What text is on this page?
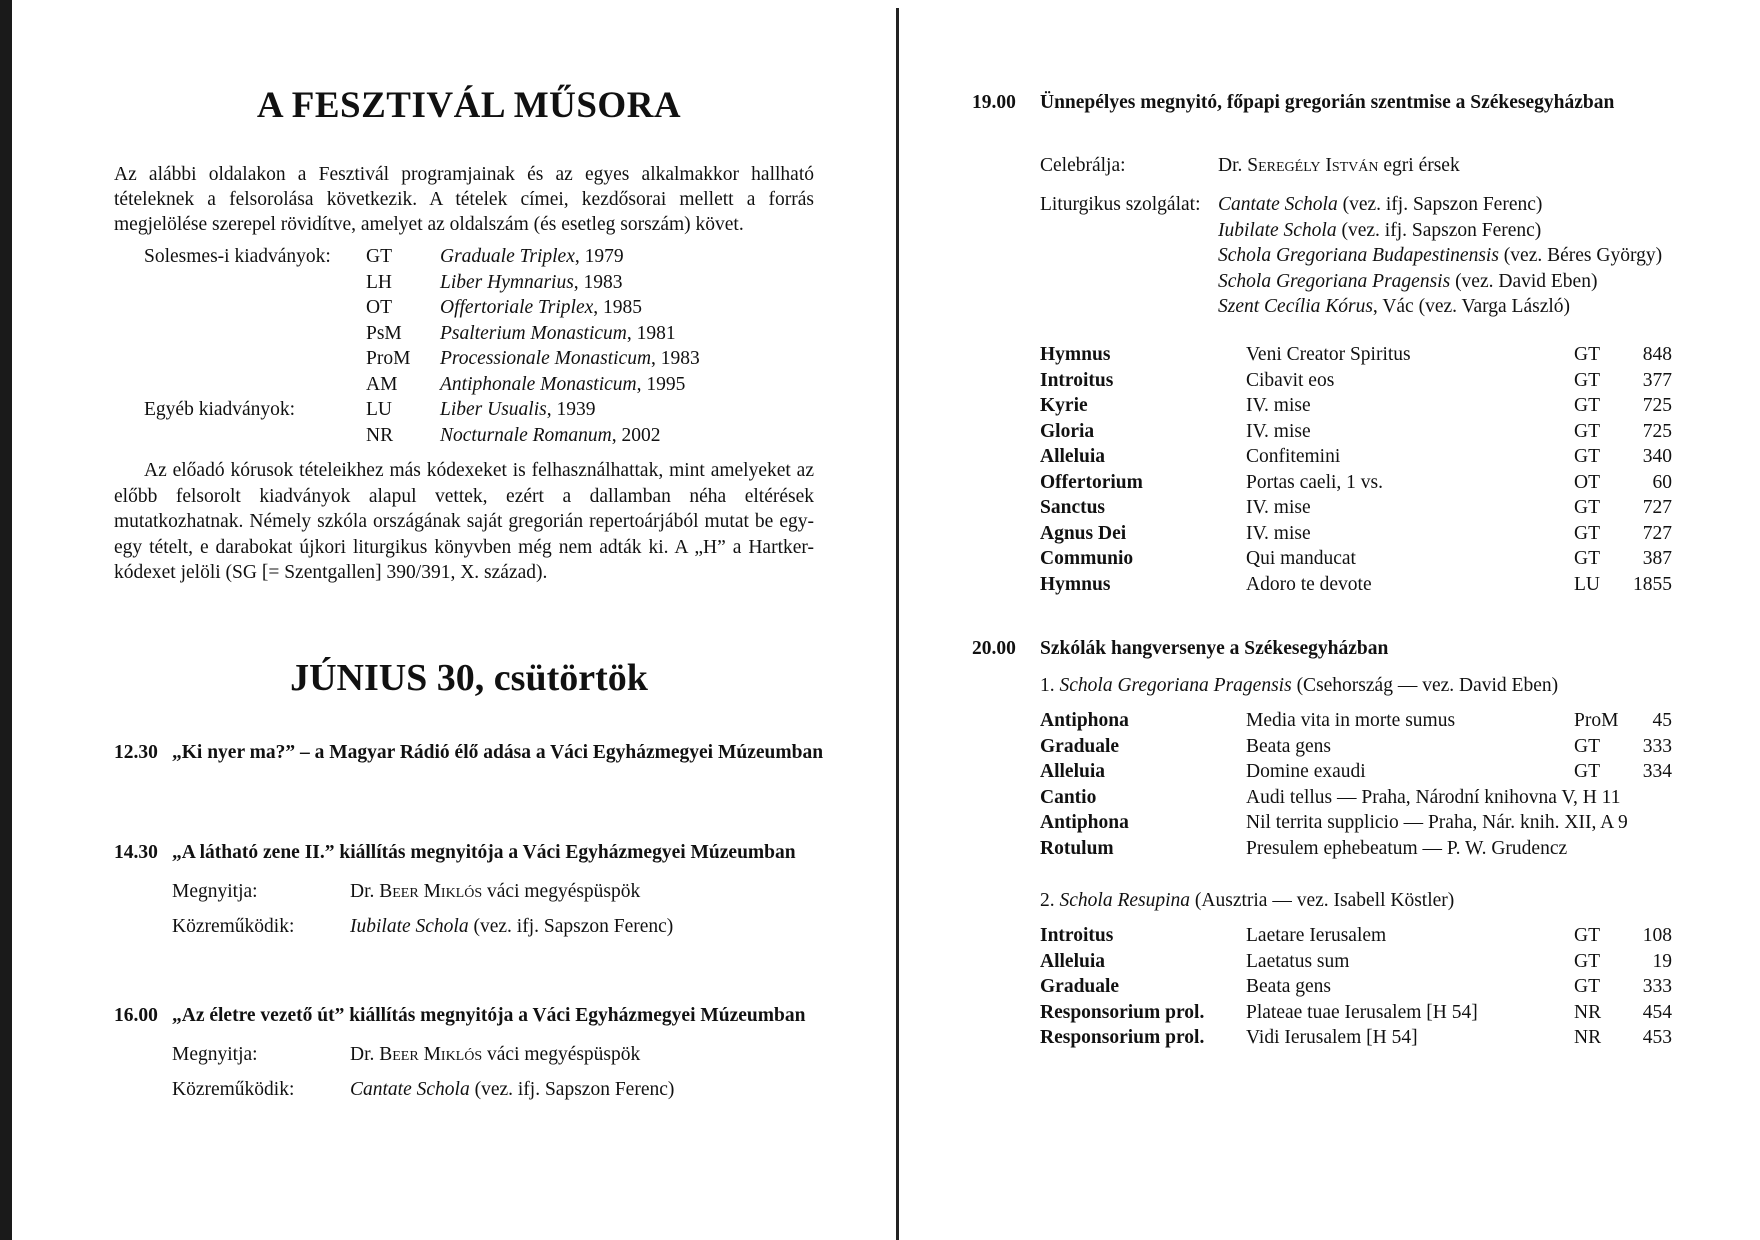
A FESZTIVÁL MŰSORA

Az alábbi oldalakon a Fesztivál programjainak és az egyes alkalmakkor hallható tételeknek a felsorolása következik. A tételek címei, kezdősorai mellett a forrás megjelölése szerepel rövidítve, amelyet az oldalszám (és esetleg sorszám) követ.

Solesmes-i kiadványok:	GT	Graduale Triplex , 1979
	LH	Liber Hymnarius , 1983
	OT	Offertoriale Triplex , 1985
	PsM	Psalterium Monasticum , 1981
	ProM	Processionale Monasticum , 1983
	AM	Antiphonale Monasticum , 1995
Egyéb kiadványok:	LU	Liber Usualis , 1939
	NR	Nocturnale Romanum , 2002

Az előadó kórusok tételeikhez más kódexeket is felhasználhattak, mint amelyeket az előbb felsorolt kiadványok alapul vettek, ezért a dallamban néha eltérések mutatkozhatnak. Némely szkóla országának saját gregorián repertoárjából mutat be egy-egy tételt, e darabokat újkori liturgikus könyvben még nem adták ki. A „H” a Hartker-kódexet jelöli (SG [= Szentgallen] 390/391, X. század).

JÚNIUS 30, csütörtök
12.30 „Ki nyer ma?” – a Magyar Rádió élő adása a Váci Egyházmegyei Múzeumban
14.30 „A látható zene II.” kiállítás megnyitója a Váci Egyházmegyei Múzeumban
Megnyitja:	Dr. Beer Miklós váci megyéspüspök
Közreműködik:	Iubilate Schola (vez. ifj. Sapszon Ferenc)
16.00 „Az életre vezető út” kiállítás megnyitója a Váci Egyházmegyei Múzeumban
Megnyitja:	Dr. Beer Miklós váci megyéspüspök
Közreműködik:	Cantate Schola (vez. ifj. Sapszon Ferenc)
19.00	Ünnepélyes megnyitó, főpapi gregorián szentmise a Székesegyházban
Celebrálja:	Dr. Seregély István egri érsek
Liturgikus szolgálat: Cantate Schola (vez. ifj. Sapszon Ferenc)
Iubilate Schola (vez. ifj. Sapszon Ferenc)
Schola Gregoriana Budapestinensis (vez. Béres György)
Schola Gregoriana Pragensis (vez. David Eben)
Szent Cecília Kórus, Vác (vez. Varga László)
Hymnus	Veni Creator Spiritus	GT	848
Introitus	Cibavit eos	GT	377
Kyrie	IV. mise	GT	725
Gloria	IV. mise	GT	725
Alleluia	Confitemini	GT	340
Offertorium	Portas caeli, 1 vs.	OT	60
Sanctus	IV. mise	GT	727
Agnus Dei	IV. mise	GT	727
Communio	Qui manducat	GT	387
Hymnus	Adoro te devote	LU	1855
20.00	Szkólák hangversenye a Székesegyházban
1. Schola Gregoriana Pragensis (Csehország — vez. David Eben)
Antiphona	Media vita in morte sumus	ProM	45
Graduale	Beata gens	GT	333
Alleluia	Domine exaudi	GT	334
Cantio	Audi tellus — Praha, Národní knihovna V, H 11		
Antiphona	Nil territa supplicio — Praha, Nár. knih. XII, A 9		
Rotulum	Presulem ephebeatum — P. W. Grudencz		
2. Schola Resupina (Ausztria — vez. Isabell Köstler)
Introitus	Laetare Ierusalem	GT	108
Alleluia	Laetatus sum	GT	19
Graduale	Beata gens	GT	333
Responsorium prol.	Plateae tuae Ierusalem [H 54]	NR	454
Responsorium prol.	Vidi Ierusalem [H 54]	NR	453
